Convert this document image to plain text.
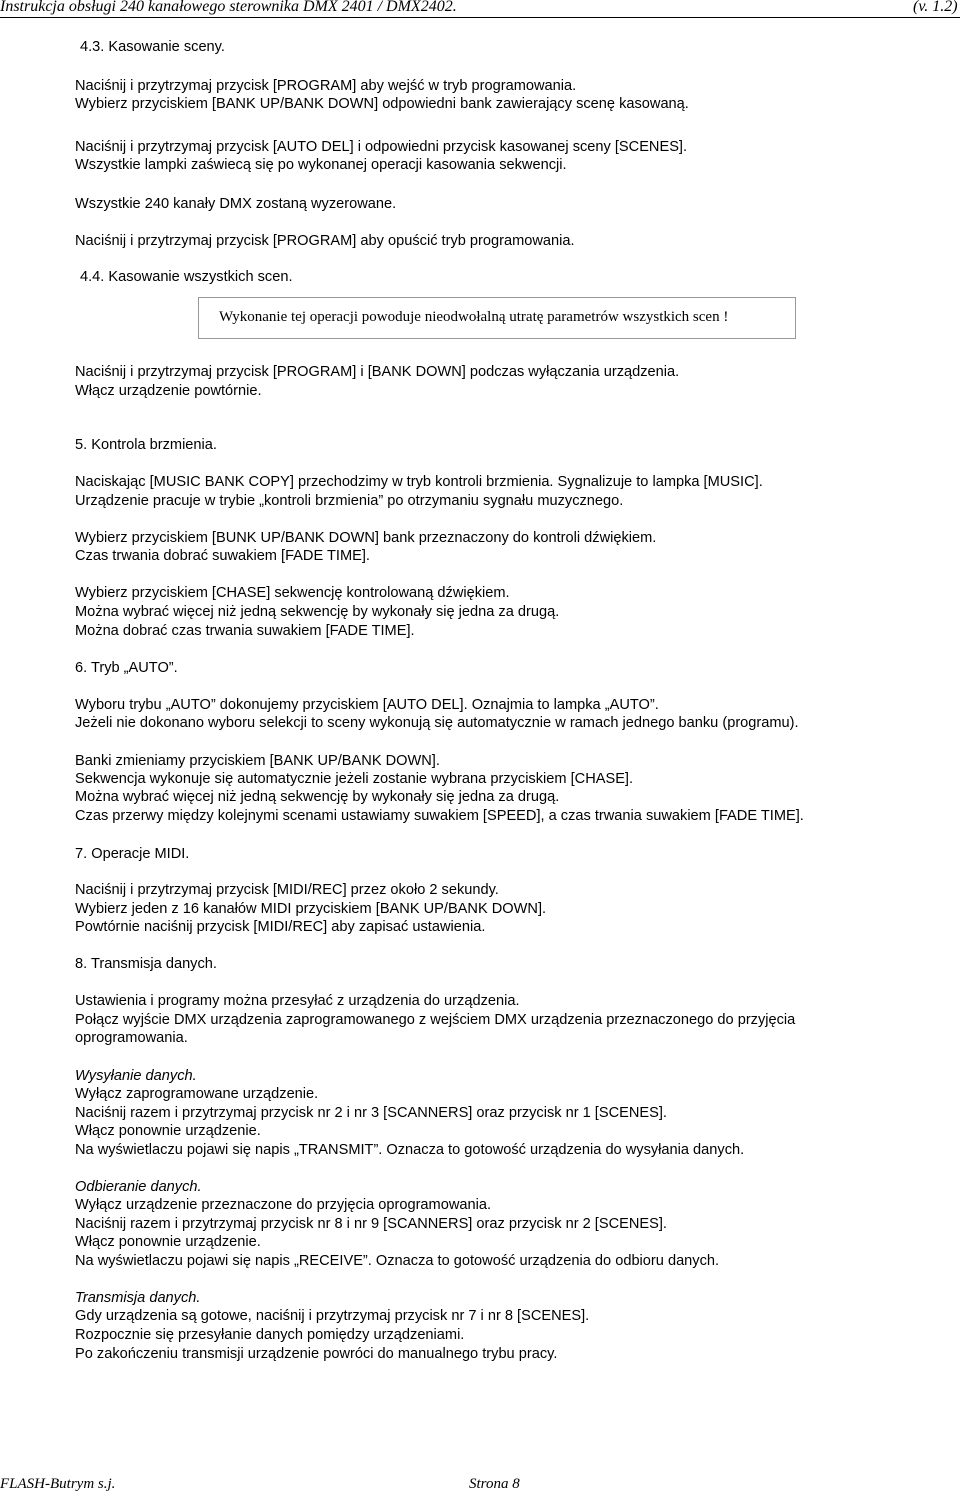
Instrukcja obsługi 240 kanałowego sterownika DMX 2401 / DMX2402.	(v. 1.2)
4.3. Kasowanie sceny.
Naciśnij i przytrzymaj przycisk [PROGRAM] aby wejść w tryb programowania.
Wybierz przyciskiem [BANK UP/BANK DOWN] odpowiedni bank zawierający scenę kasowaną.
Naciśnij i przytrzymaj przycisk [AUTO DEL] i odpowiedni przycisk kasowanej sceny [SCENES].
Wszystkie lampki zaświecą się po wykonanej operacji kasowania sekwencji.
Wszystkie 240 kanały DMX zostaną wyzerowane.
Naciśnij i przytrzymaj przycisk [PROGRAM] aby opuścić tryb programowania.
4.4. Kasowanie wszystkich scen.
Wykonanie tej operacji powoduje nieodwołalną utratę parametrów wszystkich scen !
Naciśnij i przytrzymaj przycisk [PROGRAM] i [BANK DOWN] podczas wyłączania urządzenia.
Włącz urządzenie powtórnie.
5. Kontrola brzmienia.
Naciskając [MUSIC BANK COPY] przechodzimy w tryb kontroli brzmienia. Sygnalizuje to lampka [MUSIC].
Urządzenie pracuje w trybie „kontroli brzmienia” po otrzymaniu sygnału muzycznego.
Wybierz przyciskiem [BUNK UP/BANK DOWN] bank przeznaczony do kontroli dźwiękiem.
Czas trwania dobrać suwakiem [FADE TIME].
Wybierz przyciskiem [CHASE] sekwencję kontrolowaną dźwiękiem.
Można wybrać więcej niż jedną sekwencję by wykonały się jedna za drugą.
Można dobrać czas trwania suwakiem [FADE TIME].
6. Tryb „AUTO”.
Wyboru trybu „AUTO” dokonujemy przyciskiem [AUTO DEL]. Oznajmia to lampka „AUTO”.
Jeżeli nie dokonano wyboru selekcji to sceny wykonują się automatycznie w ramach jednego banku (programu).
Banki zmieniamy przyciskiem [BANK UP/BANK DOWN].
Sekwencja wykonuje się automatycznie jeżeli zostanie wybrana przyciskiem [CHASE].
Można wybrać więcej niż jedną sekwencję by wykonały się jedna za drugą.
Czas przerwy między kolejnymi scenami ustawiamy suwakiem [SPEED], a czas trwania suwakiem [FADE TIME].
7. Operacje MIDI.
Naciśnij i przytrzymaj przycisk [MIDI/REC] przez około 2 sekundy.
Wybierz jeden z 16 kanałów MIDI przyciskiem [BANK UP/BANK DOWN].
Powtórnie naciśnij przycisk [MIDI/REC] aby zapisać ustawienia.
8. Transmisja danych.
Ustawienia i programy można przesyłać z urządzenia do urządzenia.
Połącz wyjście DMX urządzenia zaprogramowanego z wejściem DMX urządzenia przeznaczonego do przyjęcia
oprogramowania.
Wysyłanie danych.
Wyłącz zaprogramowane urządzenie.
Naciśnij razem i przytrzymaj przycisk nr 2 i nr 3 [SCANNERS] oraz przycisk nr 1 [SCENES].
Włącz ponownie urządzenie.
Na wyświetlaczu pojawi się napis „TRANSMIT”. Oznacza to gotowość urządzenia do wysyłania danych.
Odbieranie danych.
Wyłącz urządzenie przeznaczone do przyjęcia oprogramowania.
Naciśnij razem i przytrzymaj przycisk nr 8 i nr 9 [SCANNERS] oraz przycisk nr 2 [SCENES].
Włącz ponownie urządzenie.
Na wyświetlaczu pojawi się napis „RECEIVE”. Oznacza to gotowość urządzenia do odbioru danych.
Transmisja danych.
Gdy urządzenia są gotowe, naciśnij i przytrzymaj przycisk nr 7 i nr 8 [SCENES].
Rozpocznie się przesyłanie danych pomiędzy urządzeniami.
Po zakończeniu transmisji urządzenie powróci do manualnego trybu pracy.
FLASH-Butrym s.j.	Strona 8
